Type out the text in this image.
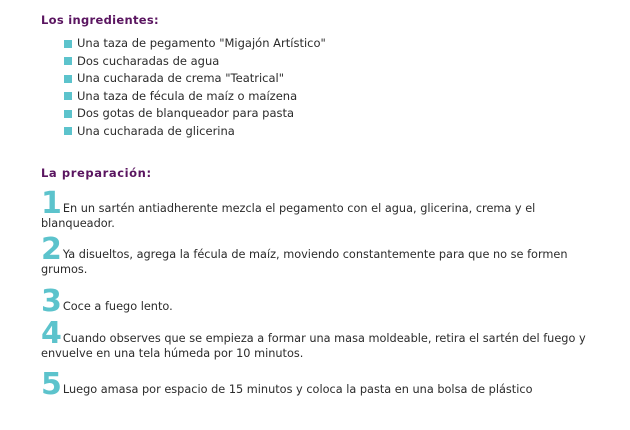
Los ingredientes:
Una taza de pegamento "Migajón Artístico"
Dos cucharadas de agua
Una cucharada de crema "Teatrical"
Una taza de fécula de maíz o maízena
Dos gotas de blanqueador para pasta
Una cucharada de glicerina
La preparación:
1En un sartén antiadherente mezcla el pegamento con el agua, glicerina, crema y el blanqueador.
2Ya disueltos, agrega la fécula de maíz, moviendo constantemente para que no se formen grumos.
3Coce a fuego lento.
4Cuando observes que se empieza a formar una masa moldeable, retira el sartén del fuego y envuelve en una tela húmeda por 10 minutos.
5Luego amasa por espacio de 15 minutos y coloca la pasta en una bolsa de plástico
